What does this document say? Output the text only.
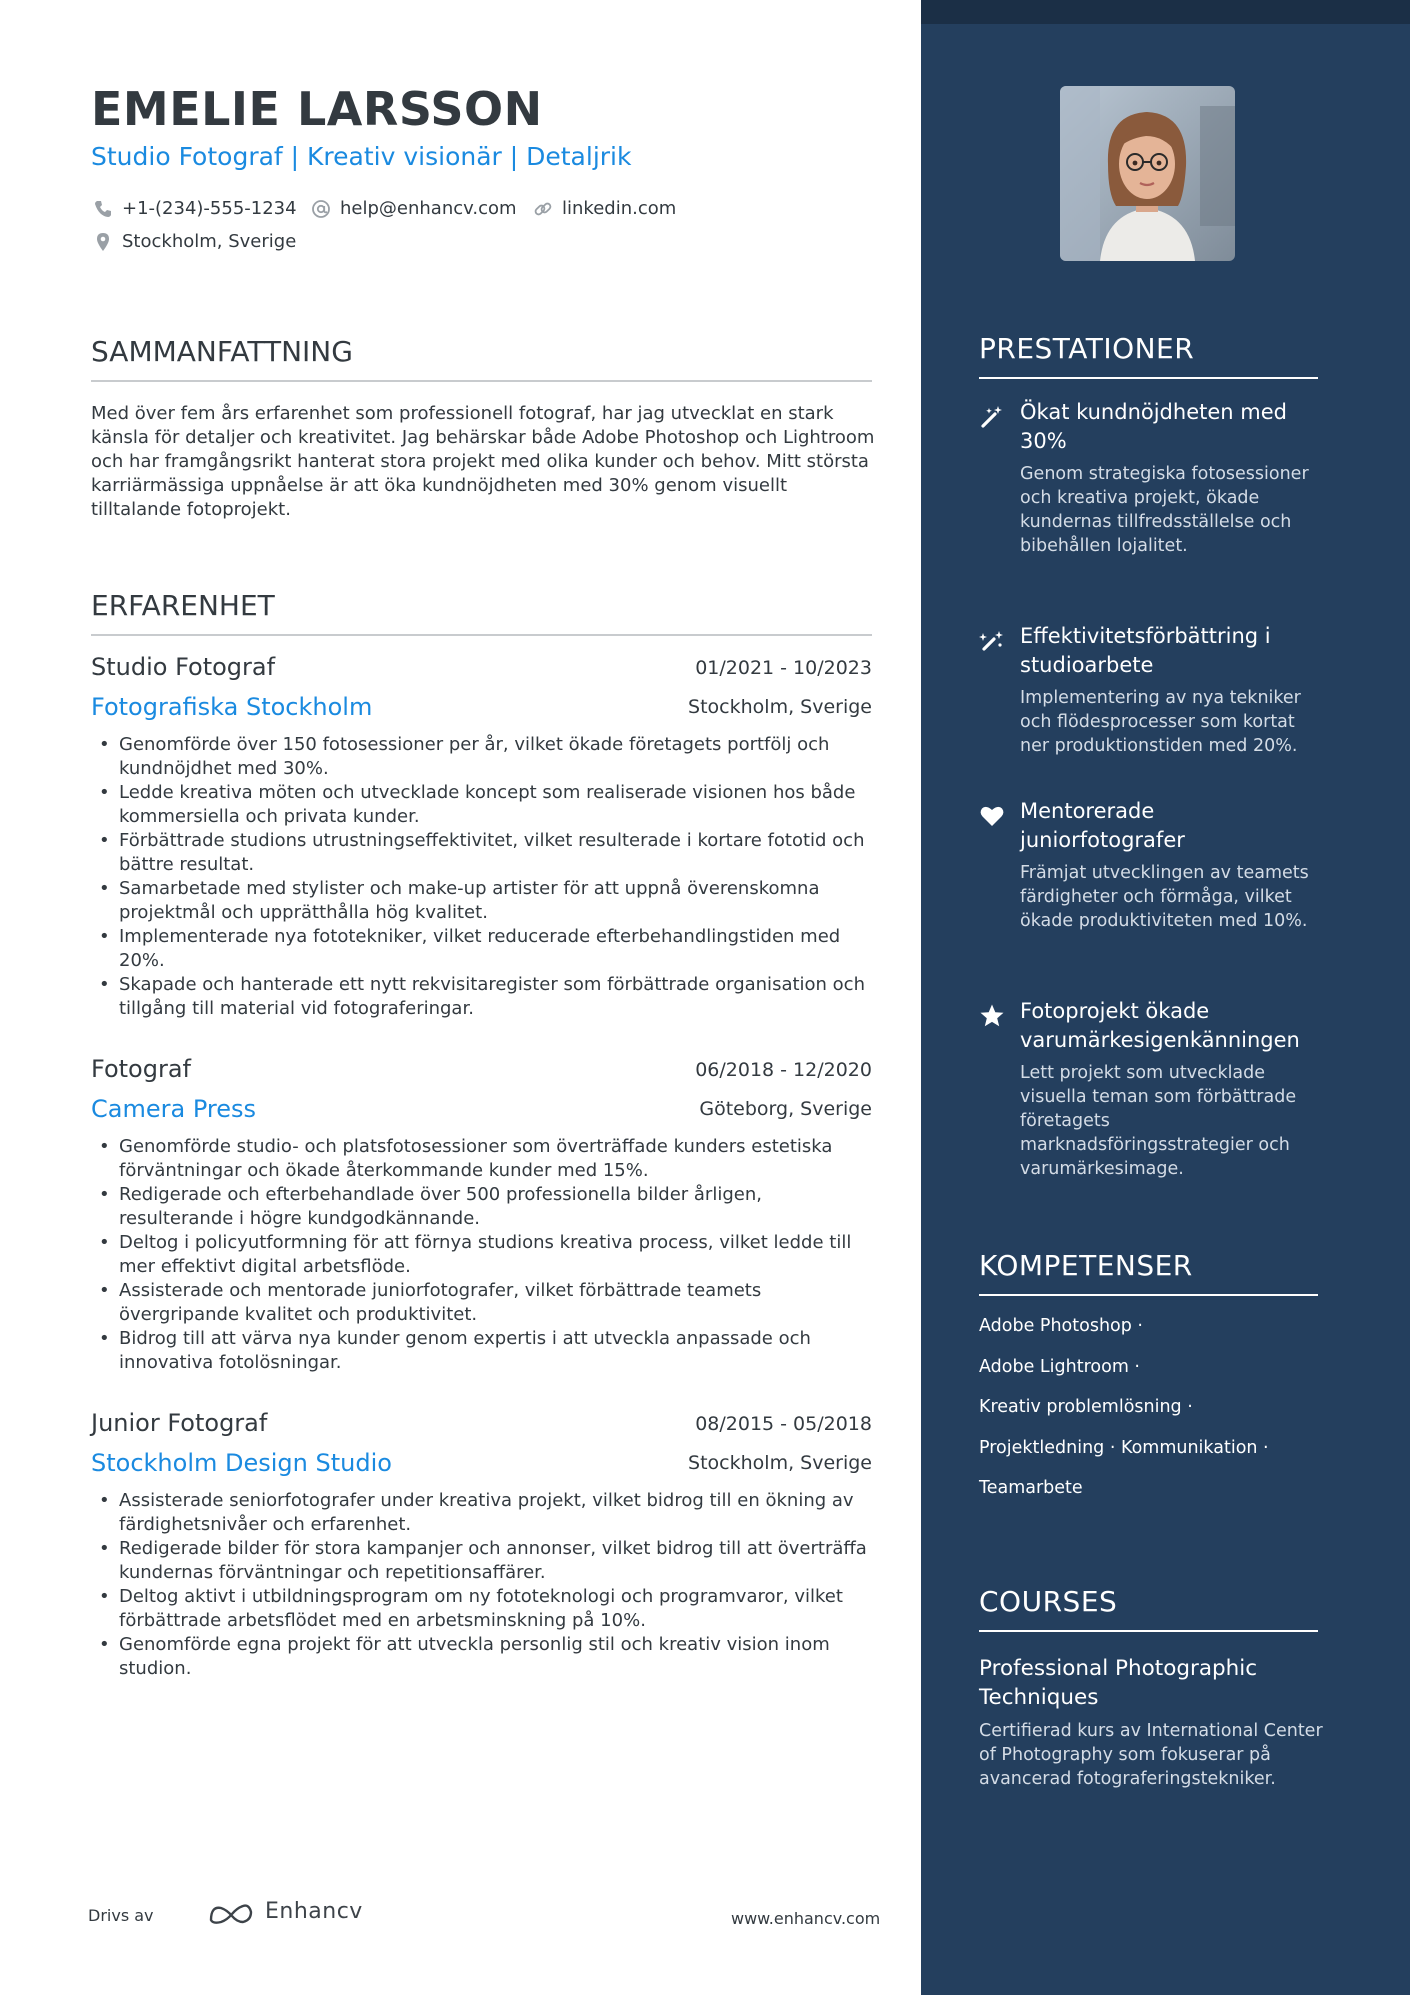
EMELIE LARSSON
Studio Fotograf | Kreativ visionär | Detaljrik
+1-(234)-555-1234	help@enhancv.com	linkedin.com
Stockholm, Sverige
SAMMANFATTNING
Med över fem års erfarenhet som professionell fotograf, har jag utvecklat en stark känsla för detaljer och kreativitet. Jag behärskar både Adobe Photoshop och Lightroom och har framgångsrikt hanterat stora projekt med olika kunder och behov. Mitt största karriärmässiga uppnåelse är att öka kundnöjdheten med 30% genom visuellt tilltalande fotoprojekt.
ERFARENHET
Studio Fotograf	01/2021 - 10/2023
Fotografiska Stockholm	Stockholm, Sverige
• Genomförde över 150 fotosessioner per år, vilket ökade företagets portfölj och kundnöjdhet med 30%.
• Ledde kreativa möten och utvecklade koncept som realiserade visionen hos både kommersiella och privata kunder.
• Förbättrade studions utrustningseffektivitet, vilket resulterade i kortare fototid och bättre resultat.
• Samarbetade med stylister och make-up artister för att uppnå överenskomna projektmål och upprätthålla hög kvalitet.
• Implementerade nya fototekniker, vilket reducerade efterbehandlingstiden med 20%.
• Skapade och hanterade ett nytt rekvisitaregister som förbättrade organisation och tillgång till material vid fotograferingar.
Fotograf	06/2018 - 12/2020
Camera Press	Göteborg, Sverige
• Genomförde studio- och platsfotosessioner som överträffade kunders estetiska förväntningar och ökade återkommande kunder med 15%.
• Redigerade och efterbehandlade över 500 professionella bilder årligen, resulterande i högre kundgodkännande.
• Deltog i policyutformning för att förnya studions kreativa process, vilket ledde till mer effektivt digital arbetsflöde.
• Assisterade och mentorade juniorfotografer, vilket förbättrade teamets övergripande kvalitet och produktivitet.
• Bidrog till att värva nya kunder genom expertis i att utveckla anpassade och innovativa fotolösningar.
Junior Fotograf	08/2015 - 05/2018
Stockholm Design Studio	Stockholm, Sverige
• Assisterade seniorfotografer under kreativa projekt, vilket bidrog till en ökning av färdighetsnivåer och erfarenhet.
• Redigerade bilder för stora kampanjer och annonser, vilket bidrog till att överträffa kundernas förväntningar och repetitionsaffärer.
• Deltog aktivt i utbildningsprogram om ny fototeknologi och programvaror, vilket förbättrade arbetsflödet med en arbetsminskning på 10%.
• Genomförde egna projekt för att utveckla personlig stil och kreativ vision inom studion.
Drivs av	Enhancv	www.enhancv.com
PRESTATIONER
Ökat kundnöjdheten med 30%
Genom strategiska fotosessioner och kreativa projekt, ökade kundernas tillfredsställelse och bibehållen lojalitet.
Effektivitetsförbättring i studioarbete
Implementering av nya tekniker och flödesprocesser som kortat ner produktionstiden med 20%.
Mentorerade juniorfotografer
Främjat utvecklingen av teamets färdigheter och förmåga, vilket ökade produktiviteten med 10%.
Fotoprojekt ökade varumärkesigenkänningen
Lett projekt som utvecklade visuella teman som förbättrade företagets marknadsföringsstrategier och varumärkesimage.
KOMPETENSER
Adobe Photoshop ·
Adobe Lightroom ·
Kreativ problemlösning ·
Projektledning · Kommunikation ·
Teamarbete
COURSES
Professional Photographic Techniques
Certifierad kurs av International Center of Photography som fokuserar på avancerad fotograferingstekniker.
